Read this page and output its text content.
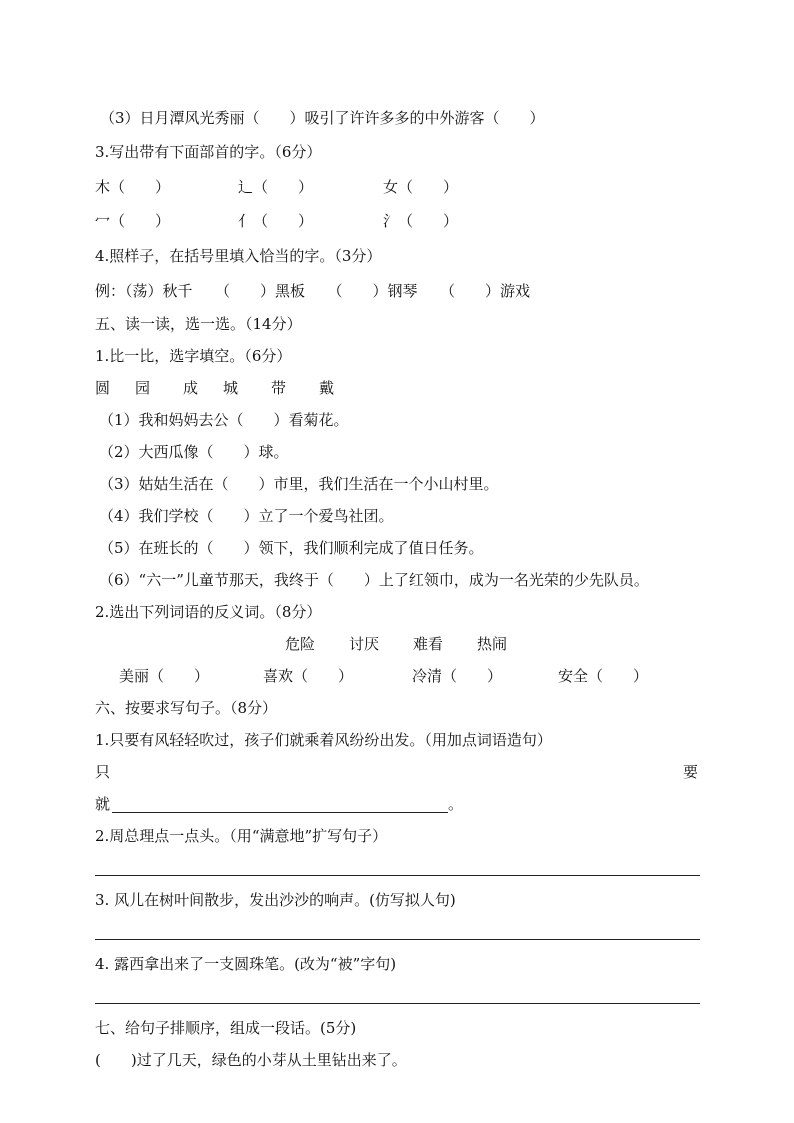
（3）日月潭风光秀丽（　　）吸引了许许多多的中外游客（　　）
3.写出带有下面部首的字。（6分）
木（　　）	辶（　　）	女（　　）
冖（　　）	亻（　　）	氵（　　）
4.照样子，在括号里填入恰当的字。（3分）
例：（荡）秋千　　（　　）黑板　　（　　）钢琴　　（　　）游戏
五、读一读，选一选。（14分）
1.比一比，选字填空。（6分）
圆 园 成 城 带 戴
（1）我和妈妈去公（　　）看菊花。
（2）大西瓜像（　　）球。
（3）姑姑生活在（　　）市里，我们生活在一个小山村里。
（4）我们学校（　　）立了一个爱鸟社团。
（5）在班长的（　　）领下，我们顺利完成了值日任务。
（6）“六一”儿童节那天，我终于（　　）上了红领巾，成为一名光荣的少先队员。
2.选出下列词语的反义词。（8分）
危险 讨厌 难看 热闹
美丽（　　）	喜欢（　　）	冷清（　　）	安全（　　）
六、按要求写句子。（8分）
1.只要有风轻轻吹过，孩子们就乘着风纷纷出发。（用加点词语造句）
只	要
就	。
2.周总理点一点头。（用“满意地”扩写句子）
3. 风儿在树叶间散步，发出沙沙的响声。(仿写拟人句)
4. 露西拿出来了一支圆珠笔。(改为“被”字句)
七、给句子排顺序，组成一段话。(5分)
(　　)过了几天，绿色的小芽从土里钻出来了。
